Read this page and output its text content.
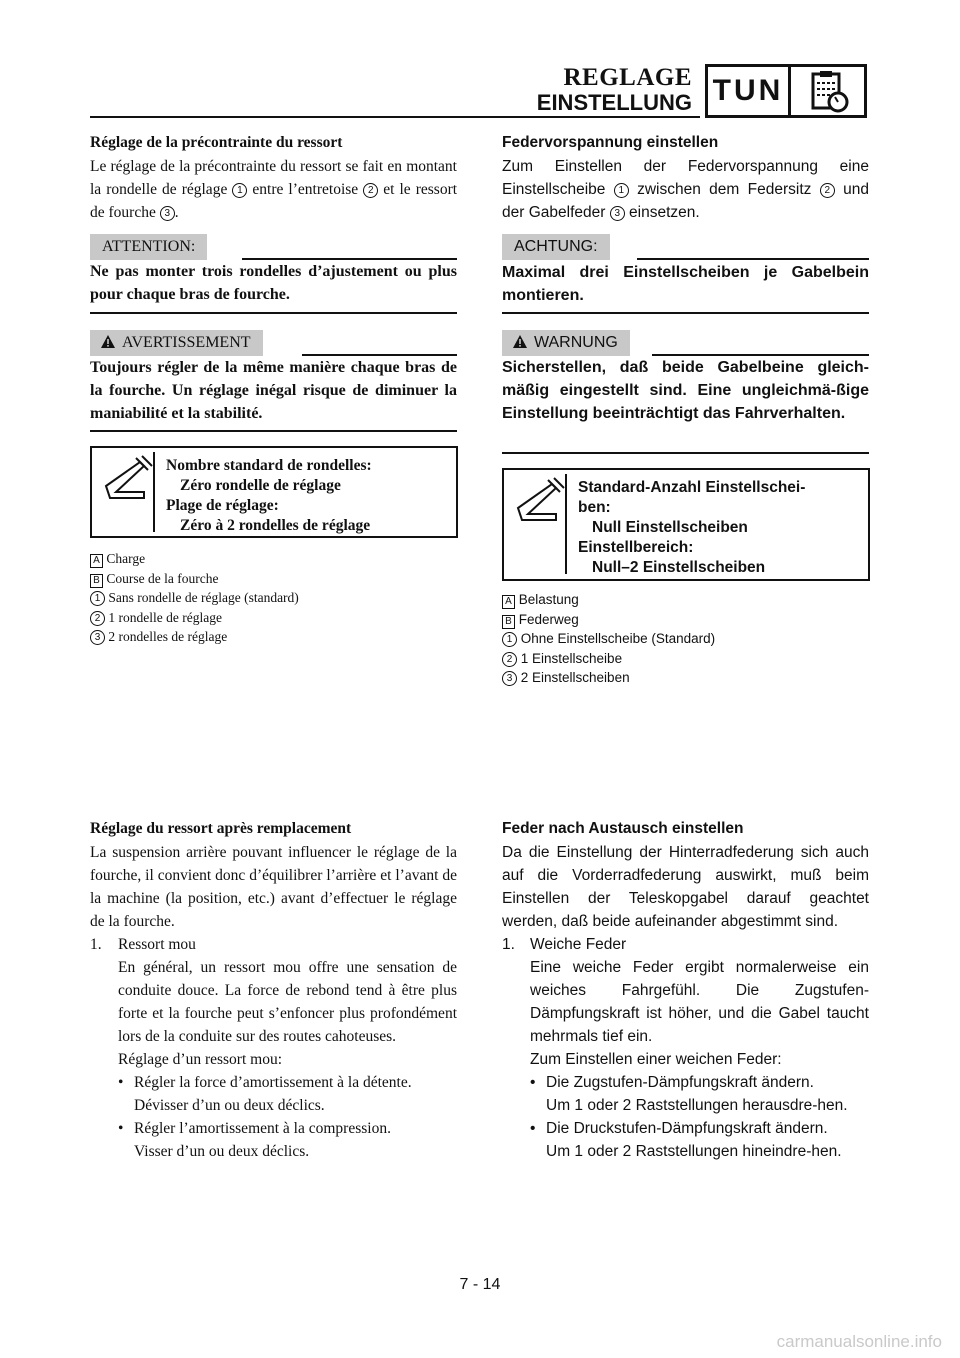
REGLAGE
EINSTELLUNG TUN
Réglage de la précontrainte du ressort
Le réglage de la précontrainte du ressort se fait en montant la rondelle de réglage 1 entre l’entretoise 2 et le ressort de fourche 3 .
ATTENTION:
Ne pas monter trois rondelles d’ajustement ou plus pour chaque bras de fourche.
AVERTISSEMENT
Toujours régler de la même manière chaque bras de la fourche. Un réglage inégal risque de diminuer la maniabilité et la stabilité.
Nombre standard de rondelles:
Zéro rondelle de réglage
Plage de réglage:
Zéro à 2 rondelles de réglage
A Charge
B Course de la fourche
1 Sans rondelle de réglage (standard)
2 1 rondelle de réglage
3 2 rondelles de réglage
Federvorspannung einstellen
Zum Einstellen der Federvorspannung eine Einstellscheibe 1 zwischen dem Federsitz 2 und der Gabelfeder 3 einsetzen.
ACHTUNG:
Maximal drei Einstellscheiben je Gabelbein montieren.
WARNUNG
Sicherstellen, daß beide Gabelbeine gleich-mäßig eingestellt sind. Eine ungleichmä-ßige Einstellung beeinträchtigt das Fahrverhalten.
Standard-Anzahl Einstellschei-
ben:
Null Einstellscheiben
Einstellbereich:
Null–2 Einstellscheiben
A Belastung
B Federweg
1 Ohne Einstellscheibe (Standard)
2 1 Einstellscheibe
3 2 Einstellscheiben
Réglage du ressort après remplacement
La suspension arrière pouvant influencer le réglage de la fourche, il convient donc d’équilibrer l’arrière et l’avant de la machine (la position, etc.) avant d’effectuer le réglage de la fourche.
1. Ressort mou
En général, un ressort mou offre une sensation de conduite douce. La force de rebond tend à être plus forte et la fourche peut s’enfoncer plus profondément lors de la conduite sur des routes cahoteuses.
Réglage d’un ressort mou:
• Régler la force d’amortissement à la détente.
Dévisser d’un ou deux déclics.
• Régler l’amortissement à la compression.
Visser d’un ou deux déclics.
Feder nach Austausch einstellen
Da die Einstellung der Hinterradfederung sich auch auf die Vorderradfederung auswirkt, muß beim Einstellen der Teleskopgabel darauf geachtet werden, daß beide aufeinander abgestimmt sind.
1. Weiche Feder
Eine weiche Feder ergibt normalerweise ein weiches Fahrgefühl. Die Zugstufen-Dämpfungskraft ist höher, und die Gabel taucht mehrmals tief ein.
Zum Einstellen einer weichen Feder:
• Die Zugstufen-Dämpfungskraft ändern.
Um 1 oder 2 Raststellungen herausdre-hen.
• Die Druckstufen-Dämpfungskraft ändern.
Um 1 oder 2 Raststellungen hineindre-hen.
7 - 14
carmanualsonline.info
